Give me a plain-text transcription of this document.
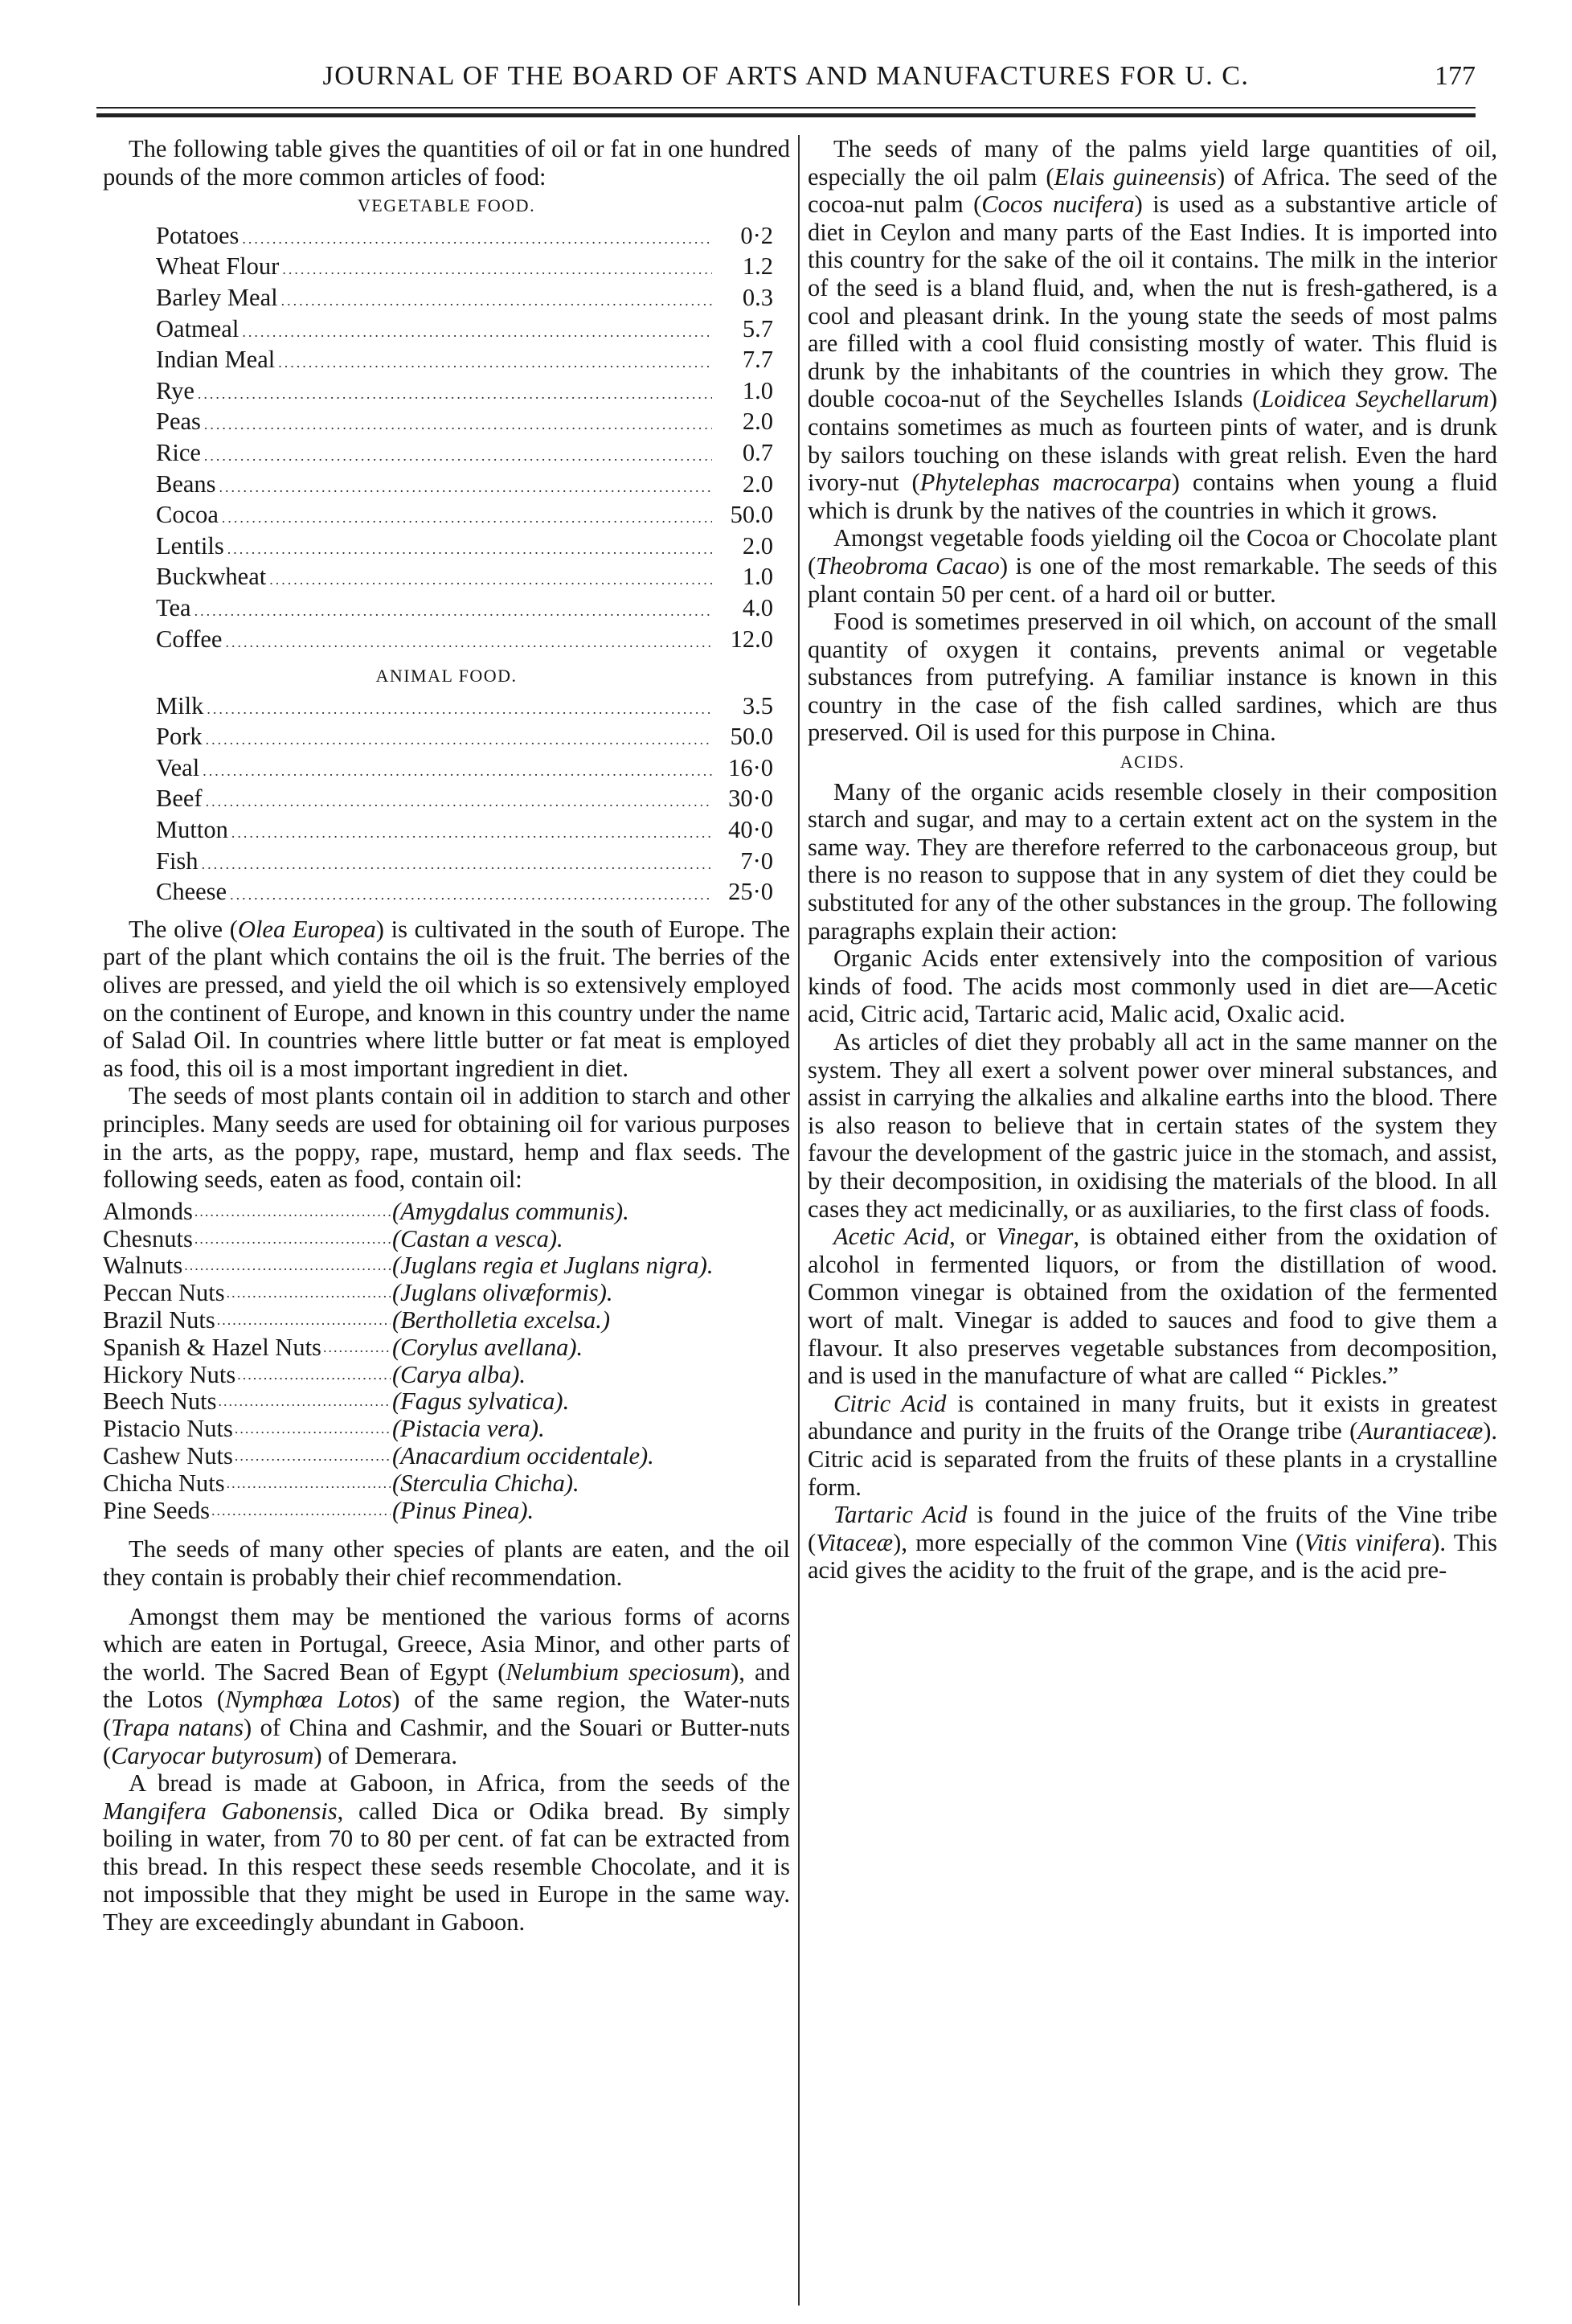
JOURNAL OF THE BOARD OF ARTS AND MANUFACTURES FOR U. C.	177

The following table gives the quantities of oil or fat in one hundred pounds of the more common articles of food:

VEGETABLE FOOD.
Potatoes .....	0·2
Wheat Flour .....	1.2
Barley Meal .....	0.3
Oatmeal .....	5.7
Indian Meal .....	7.7
Rye .....	1.0
Peas .....	2.0
Rice .....	0.7
Beans .....	2.0
Cocoa .....	50.0
Lentils .....	2.0
Buckwheat .....	1.0
Tea .....	4.0
Coffee .....	12.0
ANIMAL FOOD.
Milk .....	3.5
Pork .....	50.0
Veal .....	16·0
Beef .....	30·0
Mutton .....	40·0
Fish .....	7·0
Cheese .....	25·0

The olive (Olea Europea) is cultivated in the south of Europe. The part of the plant which contains the oil is the fruit. The berries of the olives are pressed, and yield the oil which is so extensively employed on the continent of Europe, and known in this country under the name of Salad Oil. In countries where little butter or fat meat is employed as food, this oil is a most important ingredient in diet.

The seeds of most plants contain oil in addition to starch and other principles. Many seeds are used for obtaining oil for various purposes in the arts, as the poppy, rape, mustard, hemp and flax seeds. The following seeds, eaten as food, contain oil:

Almonds .....	(Amygdalus communis).
Chesnuts .....	(Castan a vesca).
Walnuts .....	(Juglans regia et Juglans nigra).
Peccan Nuts .....	(Juglans olivæformis).
Brazil Nuts .....	(Bertholletia excelsa.)
Spanish & Hazel Nuts .....	(Corylus avellana).
Hickory Nuts .....	(Carya alba).
Beech Nuts .....	(Fagus sylvatica).
Pistacio Nuts .....	(Pistacia vera).
Cashew Nuts .....	(Anacardium occidentale).
Chicha Nuts .....	(Sterculia Chicha).
Pine Seeds .....	(Pinus Pinea).

The seeds of many other species of plants are eaten, and the oil they contain is probably their chief recommendation.

Amongst them may be mentioned the various forms of acorns which are eaten in Portugal, Greece, Asia Minor, and other parts of the world. The Sacred Bean of Egypt (Nelumbium speciosum), and the Lotos (Nymphœa Lotos) of the same region, the Water-nuts (Trapa natans) of China and Cashmir, and the Souari or Butter-nuts (Caryocar butyrosum) of Demerara.

A bread is made at Gaboon, in Africa, from the seeds of the Mangifera Gabonensis, called Dica or Odika bread. By simply boiling in water, from 70 to 80 per cent. of fat can be extracted from this bread. In this respect these seeds resemble Chocolate, and it is not impossible that they might be used in Europe in the same way. They are exceedingly abundant in Gaboon.

The seeds of many of the palms yield large quantities of oil, especially the oil palm (Elais guineensis) of Africa. The seed of the cocoa-nut palm (Cocos nucifera) is used as a substantive article of diet in Ceylon and many parts of the East Indies. It is imported into this country for the sake of the oil it contains. The milk in the interior of the seed is a bland fluid, and, when the nut is fresh-gathered, is a cool and pleasant drink. In the young state the seeds of most palms are filled with a cool fluid consisting mostly of water. This fluid is drunk by the inhabitants of the countries in which they grow. The double cocoa-nut of the Seychelles Islands (Loidicea Seychellarum) contains sometimes as much as fourteen pints of water, and is drunk by sailors touching on these islands with great relish. Even the hard ivory-nut (Phytelephas macrocarpa) contains when young a fluid which is drunk by the natives of the countries in which it grows.

Amongst vegetable foods yielding oil the Cocoa or Chocolate plant (Theobroma Cacao) is one of the most remarkable. The seeds of this plant contain 50 per cent. of a hard oil or butter.

Food is sometimes preserved in oil which, on account of the small quantity of oxygen it contains, prevents animal or vegetable substances from putrefying. A familiar instance is known in this country in the case of the fish called sardines, which are thus preserved. Oil is used for this purpose in China.

ACIDS.

Many of the organic acids resemble closely in their composition starch and sugar, and may to a certain extent act on the system in the same way. They are therefore referred to the carbonaceous group, but there is no reason to suppose that in any system of diet they could be substituted for any of the other substances in the group. The following paragraphs explain their action:

Organic Acids enter extensively into the composition of various kinds of food. The acids most commonly used in diet are—Acetic acid, Citric acid, Tartaric acid, Malic acid, Oxalic acid.

As articles of diet they probably all act in the same manner on the system. They all exert a solvent power over mineral substances, and assist in carrying the alkalies and alkaline earths into the blood. There is also reason to believe that in certain states of the system they favour the development of the gastric juice in the stomach, and assist, by their decomposition, in oxidising the materials of the blood. In all cases they act medicinally, or as auxiliaries, to the first class of foods.

Acetic Acid, or Vinegar, is obtained either from the oxidation of alcohol in fermented liquors, or from the distillation of wood. Common vinegar is obtained from the oxidation of the fermented wort of malt. Vinegar is added to sauces and food to give them a flavour. It also preserves vegetable substances from decomposition, and is used in the manufacture of what are called “ Pickles.”

Citric Acid is contained in many fruits, but it exists in greatest abundance and purity in the fruits of the Orange tribe (Aurantiaceæ). Citric acid is separated from the fruits of these plants in a crystalline form.

Tartaric Acid is found in the juice of the fruits of the Vine tribe (Vitaceæ), more especially of the common Vine (Vitis vinifera). This acid gives the acidity to the fruit of the grape, and is the acid pre-
